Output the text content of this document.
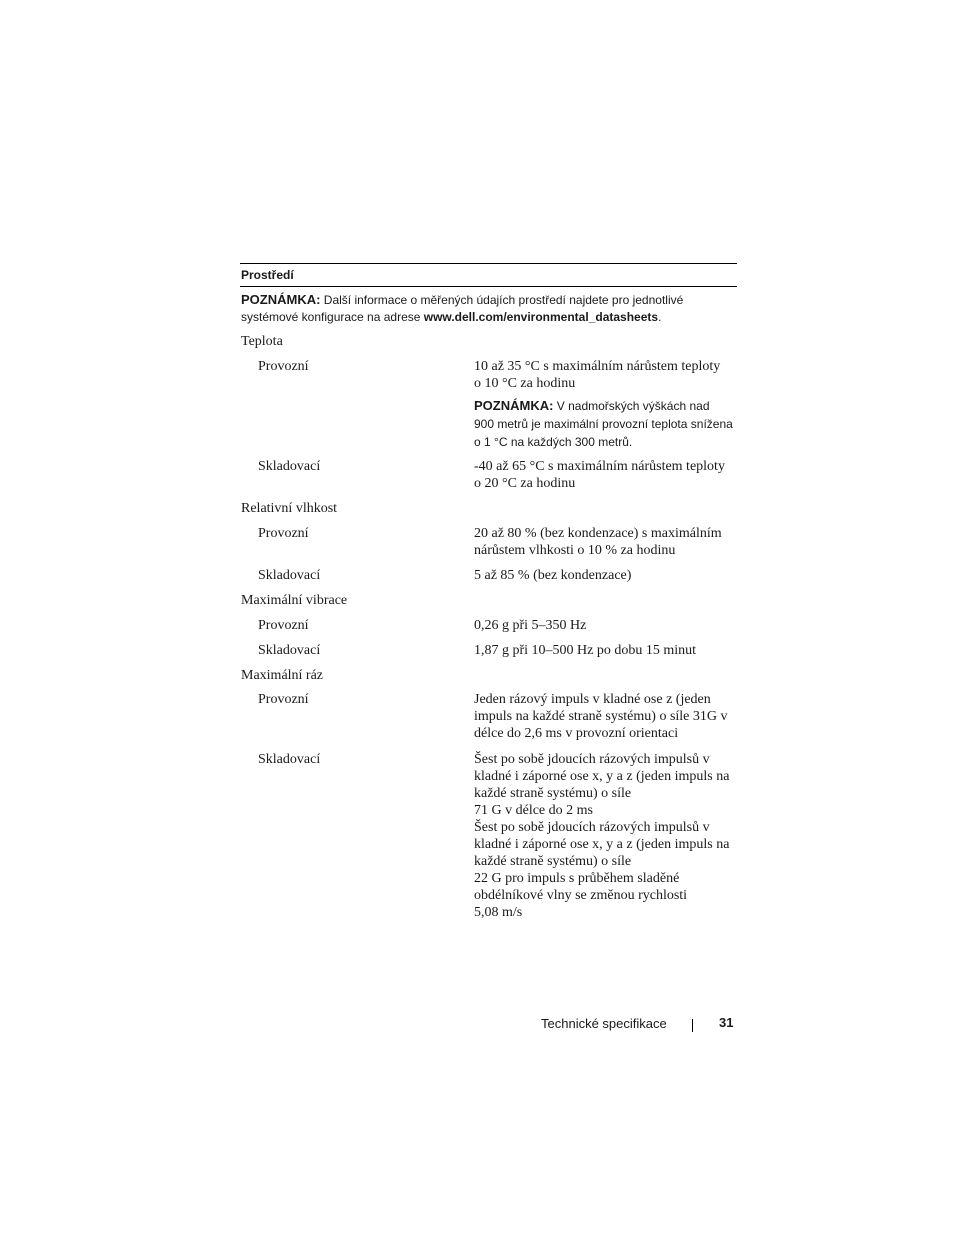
Prostředí
POZNÁMKA: Další informace o měřených údajích prostředí najdete pro jednotlivé
systémové konfigurace na adrese www.dell.com/environmental_datasheets.
Teplota
Provozní	10 až 35 °C s maximálním nárůstem teploty
o 10 °C za hodinu
POZNÁMKA: V nadmořských výškách nad
900 metrů je maximální provozní teplota snížena
o 1 °C na každých 300 metrů.
Skladovací	-40 až 65 °C s maximálním nárůstem teploty
o 20 °C za hodinu
Relativní vlhkost
Provozní	20 až 80 % (bez kondenzace) s maximálním
nárůstem vlhkosti o 10 % za hodinu
Skladovací	5 až 85 % (bez kondenzace)
Maximální vibrace
Provozní	0,26 g při 5–350 Hz
Skladovací	1,87 g při 10–500 Hz po dobu 15 minut
Maximální ráz
Provozní	Jeden rázový impuls v kladné ose z (jeden
impuls na každé straně systému) o síle 31G v
délce do 2,6 ms v provozní orientaci
Skladovací	Šest po sobě jdoucích rázových impulsů v
kladné i záporné ose x, y a z (jeden impuls na
každé straně systému) o síle
71 G v délce do 2 ms
Šest po sobě jdoucích rázových impulsů v
kladné i záporné ose x, y a z (jeden impuls na
každé straně systému) o síle
22 G pro impuls s průběhem sladěné
obdélníkové vlny se změnou rychlosti
5,08 m/s
Technické specifikace	31
